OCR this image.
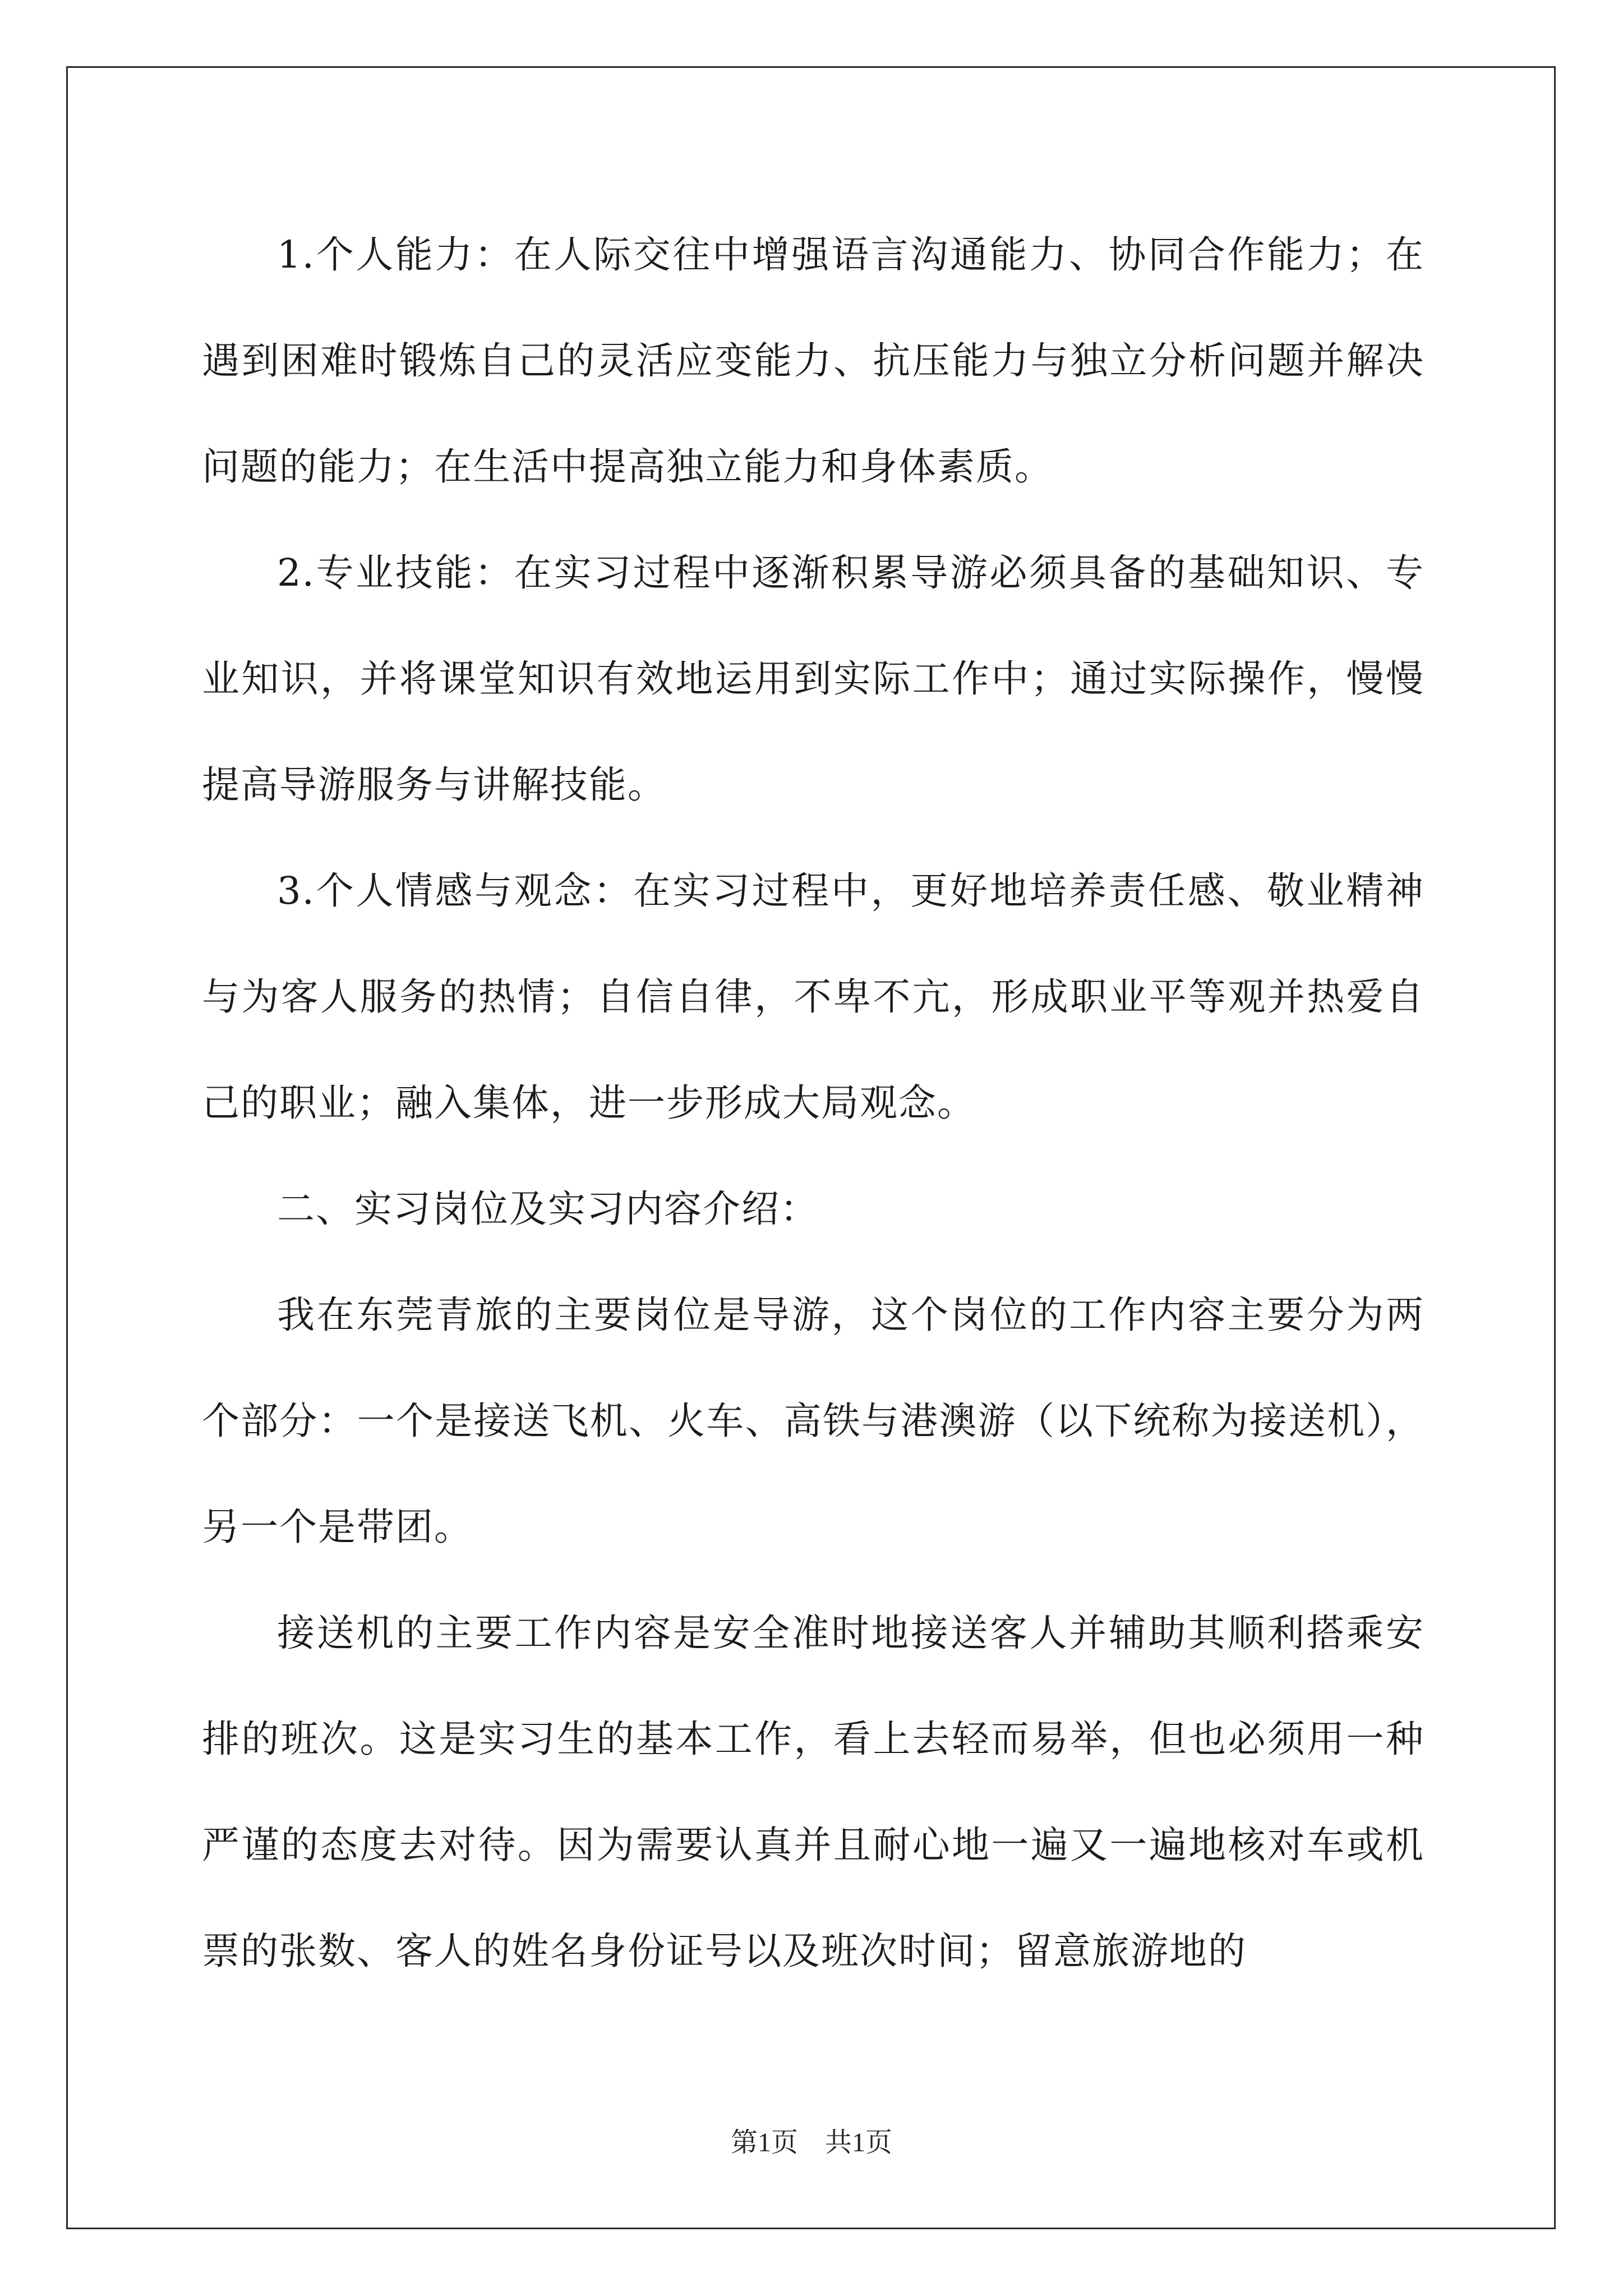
1.个人能力：在人际交往中增强语言沟通能力、协同合作能力；在遇到困难时锻炼自己的灵活应变能力、抗压能力与独立分析问题并解决问题的能力；在生活中提高独立能力和身体素质。

2.专业技能：在实习过程中逐渐积累导游必须具备的基础知识、专业知识，并将课堂知识有效地运用到实际工作中；通过实际操作，慢慢提高导游服务与讲解技能。

3.个人情感与观念：在实习过程中，更好地培养责任感、敬业精神与为客人服务的热情；自信自律，不卑不亢，形成职业平等观并热爱自己的职业；融入集体，进一步形成大局观念。

二、实习岗位及实习内容介绍：

我在东莞青旅的主要岗位是导游，这个岗位的工作内容主要分为两个部分：一个是接送飞机、火车、高铁与港澳游（以下统称为接送机），另一个是带团。

接送机的主要工作内容是安全准时地接送客人并辅助其顺利搭乘安排的班次。这是实习生的基本工作，看上去轻而易举，但也必须用一种严谨的态度去对待。因为需要认真并且耐心地一遍又一遍地核对车或机票的张数、客人的姓名身份证号以及班次时间；留意旅游地的

第1页　共1页
